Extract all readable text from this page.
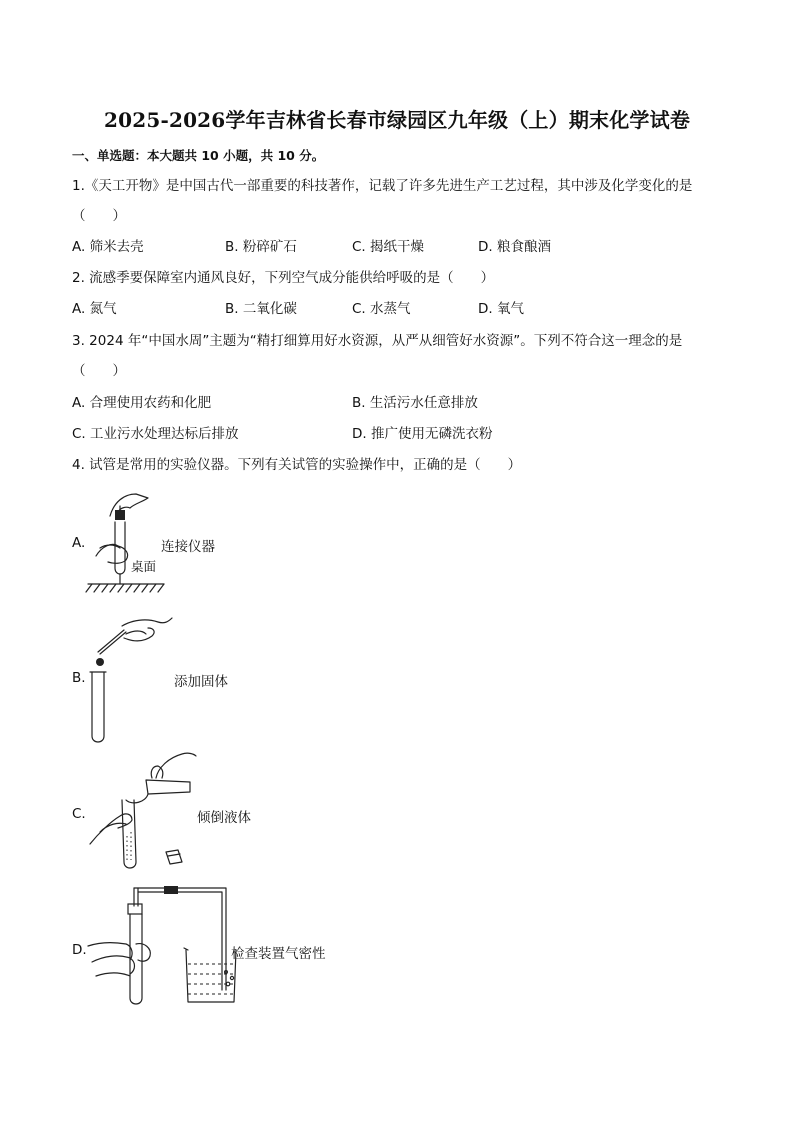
2025-2026学年吉林省长春市绿园区九年级（上）期末化学试卷
一、单选题：本大题共 10 小题，共 10 分。
1.《天工开物》是中国古代一部重要的科技著作，记载了许多先进生产工艺过程，其中涉及化学变化的是
（　　）
A. 筛米去壳	B. 粉碎矿石	C. 揭纸干燥	D. 粮食酿酒
2. 流感季要保障室内通风良好，下列空气成分能供给呼吸的是（　　）
A. 氮气	B. 二氧化碳	C. 水蒸气	D. 氧气
3. 2024 年“中国水周”主题为“精打细算用好水资源，从严从细管好水资源”。下列不符合这一理念的是
（　　）
A. 合理使用农药和化肥	B. 生活污水任意排放
C. 工业污水处理达标后排放	D. 推广使用无磷洗衣粉
4. 试管是常用的实验仪器。下列有关试管的实验操作中，正确的是（　　）
A.	连接仪器
桌面
B.	添加固体
C.	倾倒液体
D.	检查装置气密性
